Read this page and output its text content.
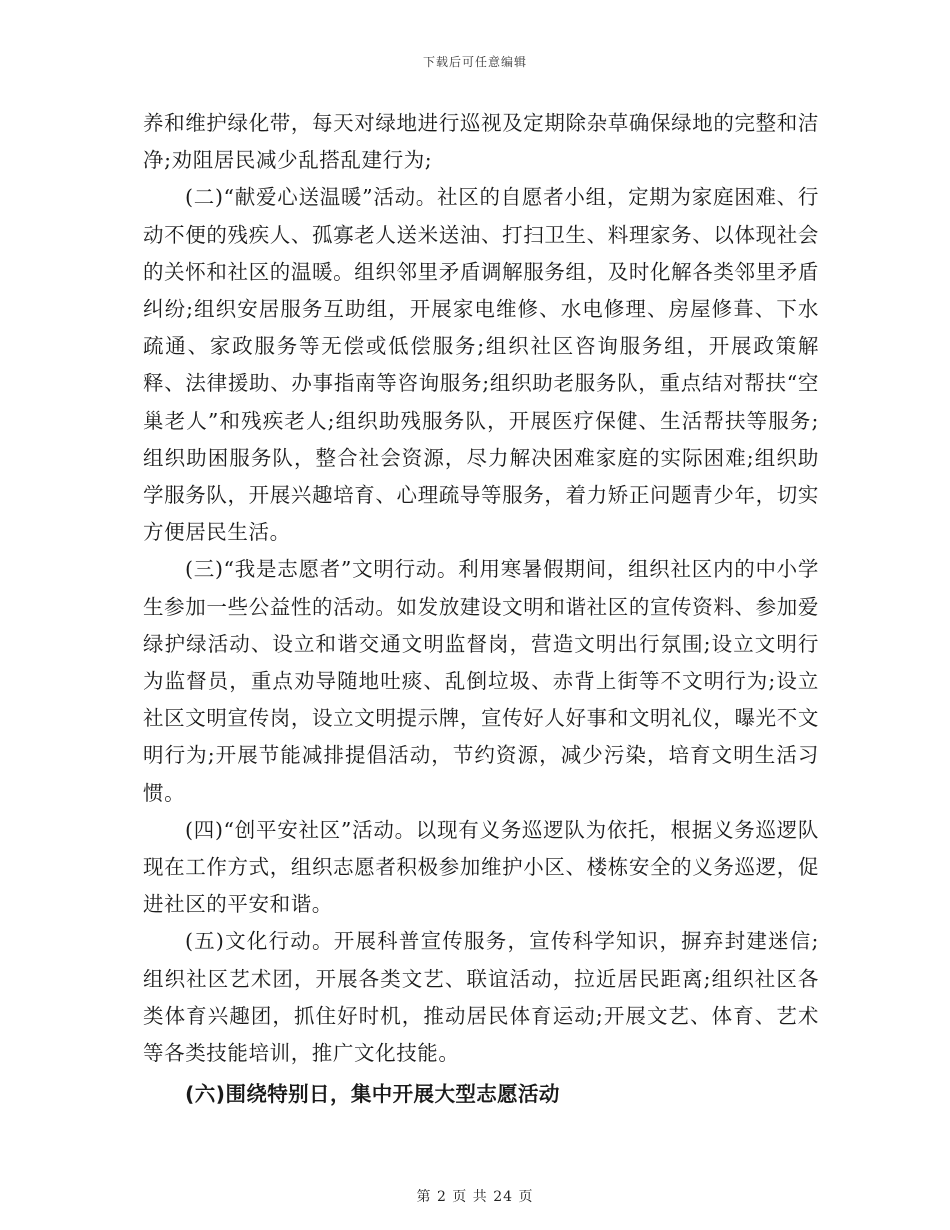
下载后可任意编辑

养和维护绿化带，每天对绿地进行巡视及定期除杂草确保绿地的完整和洁净;劝阻居民减少乱搭乱建行为;

(二)“献爱心送温暖”活动。社区的自愿者小组，定期为家庭困难、行动不便的残疾人、孤寡老人送米送油、打扫卫生、料理家务、以体现社会的关怀和社区的温暖。组织邻里矛盾调解服务组，及时化解各类邻里矛盾纠纷;组织安居服务互助组，开展家电维修、水电修理、房屋修葺、下水疏通、家政服务等无偿或低偿服务;组织社区咨询服务组，开展政策解释、法律援助、办事指南等咨询服务;组织助老服务队，重点结对帮扶“空巢老人”和残疾老人;组织助残服务队，开展医疗保健、生活帮扶等服务;组织助困服务队，整合社会资源，尽力解决困难家庭的实际困难;组织助学服务队，开展兴趣培育、心理疏导等服务，着力矫正问题青少年，切实方便居民生活。

(三)“我是志愿者”文明行动。利用寒暑假期间，组织社区内的中小学生参加一些公益性的活动。如发放建设文明和谐社区的宣传资料、参加爱绿护绿活动、设立和谐交通文明监督岗，营造文明出行氛围;设立文明行为监督员，重点劝导随地吐痰、乱倒垃圾、赤背上街等不文明行为;设立社区文明宣传岗，设立文明提示牌，宣传好人好事和文明礼仪，曝光不文明行为;开展节能减排提倡活动，节约资源，减少污染，培育文明生活习惯。

(四)“创平安社区”活动。以现有义务巡逻队为依托，根据义务巡逻队现在工作方式，组织志愿者积极参加维护小区、楼栋安全的义务巡逻，促进社区的平安和谐。

(五)文化行动。开展科普宣传服务，宣传科学知识，摒弃封建迷信;组织社区艺术团，开展各类文艺、联谊活动，拉近居民距离;组织社区各类体育兴趣团，抓住好时机，推动居民体育运动;开展文艺、体育、艺术等各类技能培训，推广文化技能。

(六)围绕特别日，集中开展大型志愿活动

第 2 页 共 24 页
